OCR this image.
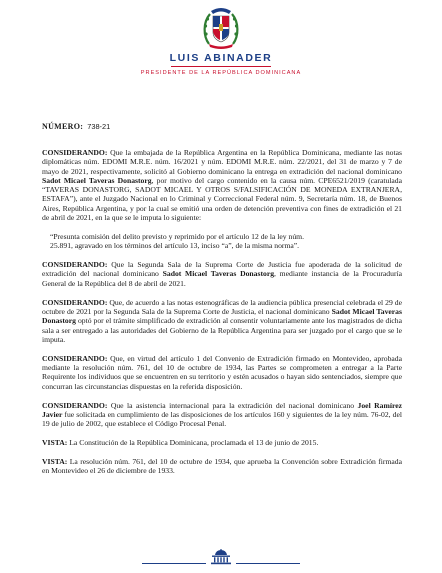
LUIS ABINADER
PRESIDENTE DE LA REPÚBLICA DOMINICANA
NÚMERO: 738-21

CONSIDERANDO: Que la embajada de la República Argentina en la República Dominicana, mediante las notas diplomáticas núm. EDOMI M.R.E. núm. 16/2021 y núm. EDOMI M.R.E. núm. 22/2021, del 31 de marzo y 7 de mayo de 2021, respectivamente, solicitó al Gobierno dominicano la entrega en extradición del nacional dominicano Sadot Micael Taveras Donastorg, por motivo del cargo contenido en la causa núm. CPE6521/2019 (caratulada “TAVERAS DONASTORG, SADOT MICAEL Y OTROS S/FALSIFICACIÓN DE MONEDA EXTRANJERA, ESTAFA”), ante el Juzgado Nacional en lo Criminal y Correccional Federal núm. 9, Secretaría núm. 18, de Buenos Aires, República Argentina, y por la cual se emitió una orden de detención preventiva con fines de extradición el 21 de abril de 2021, en la que se le imputa lo siguiente:

“Presunta comisión del delito previsto y reprimido por el artículo 12 de la ley núm.
25.891, agravado en los términos del artículo 13, inciso “a”, de la misma norma”.

CONSIDERANDO: Que la Segunda Sala de la Suprema Corte de Justicia fue apoderada de la solicitud de extradición del nacional dominicano Sadot Micael Taveras Donastorg, mediante instancia de la Procuraduría General de la República del 8 de abril de 2021.

CONSIDERANDO: Que, de acuerdo a las notas estenográficas de la audiencia pública presencial celebrada el 29 de octubre de 2021 por la Segunda Sala de la Suprema Corte de Justicia, el nacional dominicano Sadot Micael Taveras Donastorg optó por el trámite simplificado de extradición al consentir voluntariamente ante los magistrados de dicha sala a ser entregado a las autoridades del Gobierno de la República Argentina para ser juzgado por el cargo que se le imputa.

CONSIDERANDO: Que, en virtud del artículo 1 del Convenio de Extradición firmado en Montevideo, aprobada mediante la resolución núm. 761, del 10 de octubre de 1934, las Partes se comprometen a entregar a la Parte Requirente los individuos que se encuentren en su territorio y estén acusados o hayan sido sentenciados, siempre que concurran las circunstancias dispuestas en la referida disposición.

CONSIDERANDO: Que la asistencia internacional para la extradición del nacional dominicano Joel Ramírez Javier fue solicitada en cumplimiento de las disposiciones de los artículos 160 y siguientes de la ley núm. 76-02, del 19 de julio de 2002, que establece el Código Procesal Penal.

VISTA: La Constitución de la República Dominicana, proclamada el 13 de junio de 2015.

VISTA: La resolución núm. 761, del 10 de octubre de 1934, que aprueba la Convención sobre Extradición firmada en Montevideo el 26 de diciembre de 1933.
